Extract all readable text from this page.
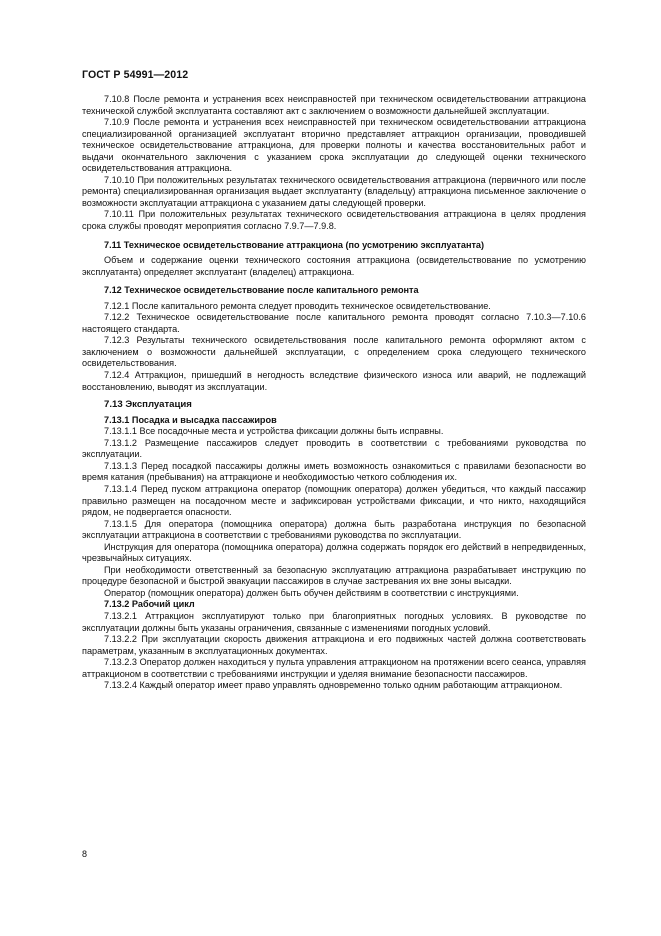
ГОСТ Р 54991—2012

7.10.8 После ремонта и устранения всех неисправностей при техническом освидетельствовании аттракциона технической службой эксплуатанта составляют акт с заключением о возможности дальнейшей эксплуатации.

7.10.9 После ремонта и устранения всех неисправностей при техническом освидетельствовании аттракциона специализированной организацией эксплуатант вторично представляет аттракцион организации, проводившей техническое освидетельствование аттракциона, для проверки полноты и качества восстановительных работ и выдачи окончательного заключения с указанием срока эксплуатации до следующей оценки технического освидетельствования аттракциона.

7.10.10 При положительных результатах технического освидетельствования аттракциона (первичного или после ремонта) специализированная организация выдает эксплуатанту (владельцу) аттракциона письменное заключение о возможности эксплуатации аттракциона с указанием даты следующей проверки.

7.10.11 При положительных результатах технического освидетельствования аттракциона в целях продления срока службы проводят мероприятия согласно 7.9.7—7.9.8.

7.11 Техническое освидетельствование аттракциона (по усмотрению эксплуатанта)

Объем и содержание оценки технического состояния аттракциона (освидетельствование по усмотрению эксплуатанта) определяет эксплуатант (владелец) аттракциона.

7.12 Техническое освидетельствование после капитального ремонта

7.12.1 После капитального ремонта следует проводить техническое освидетельствование.

7.12.2 Техническое освидетельствование после капитального ремонта проводят согласно 7.10.3—7.10.6 настоящего стандарта.

7.12.3 Результаты технического освидетельствования после капитального ремонта оформляют актом с заключением о возможности дальнейшей эксплуатации, с определением срока следующего технического освидетельствования.

7.12.4 Аттракцион, пришедший в негодность вследствие физического износа или аварий, не подлежащий восстановлению, выводят из эксплуатации.

7.13 Эксплуатация

7.13.1 Посадка и высадка пассажиров

7.13.1.1 Все посадочные места и устройства фиксации должны быть исправны.

7.13.1.2 Размещение пассажиров следует проводить в соответствии с требованиями руководства по эксплуатации.

7.13.1.3 Перед посадкой пассажиры должны иметь возможность ознакомиться с правилами безопасности во время катания (пребывания) на аттракционе и необходимостью четкого соблюдения их.

7.13.1.4 Перед пуском аттракциона оператор (помощник оператора) должен убедиться, что каждый пассажир правильно размещен на посадочном месте и зафиксирован устройствами фиксации, и что никто, находящийся рядом, не подвергается опасности.

7.13.1.5 Для оператора (помощника оператора) должна быть разработана инструкция по безопасной эксплуатации аттракциона в соответствии с требованиями руководства по эксплуатации.

Инструкция для оператора (помощника оператора) должна содержать порядок его действий в непредвиденных, чрезвычайных ситуациях.

При необходимости ответственный за безопасную эксплуатацию аттракциона разрабатывает инструкцию по процедуре безопасной и быстрой эвакуации пассажиров в случае застревания их вне зоны высадки.

Оператор (помощник оператора) должен быть обучен действиям в соответствии с инструкциями.

7.13.2 Рабочий цикл

7.13.2.1 Аттракцион эксплуатируют только при благоприятных погодных условиях. В руководстве по эксплуатации должны быть указаны ограничения, связанные с изменениями погодных условий.

7.13.2.2 При эксплуатации скорость движения аттракциона и его подвижных частей должна соответствовать параметрам, указанным в эксплуатационных документах.

7.13.2.3 Оператор должен находиться у пульта управления аттракционом на протяжении всего сеанса, управляя аттракционом в соответствии с требованиями инструкции и уделяя внимание безопасности пассажиров.

7.13.2.4 Каждый оператор имеет право управлять одновременно только одним работающим аттракционом.

8
